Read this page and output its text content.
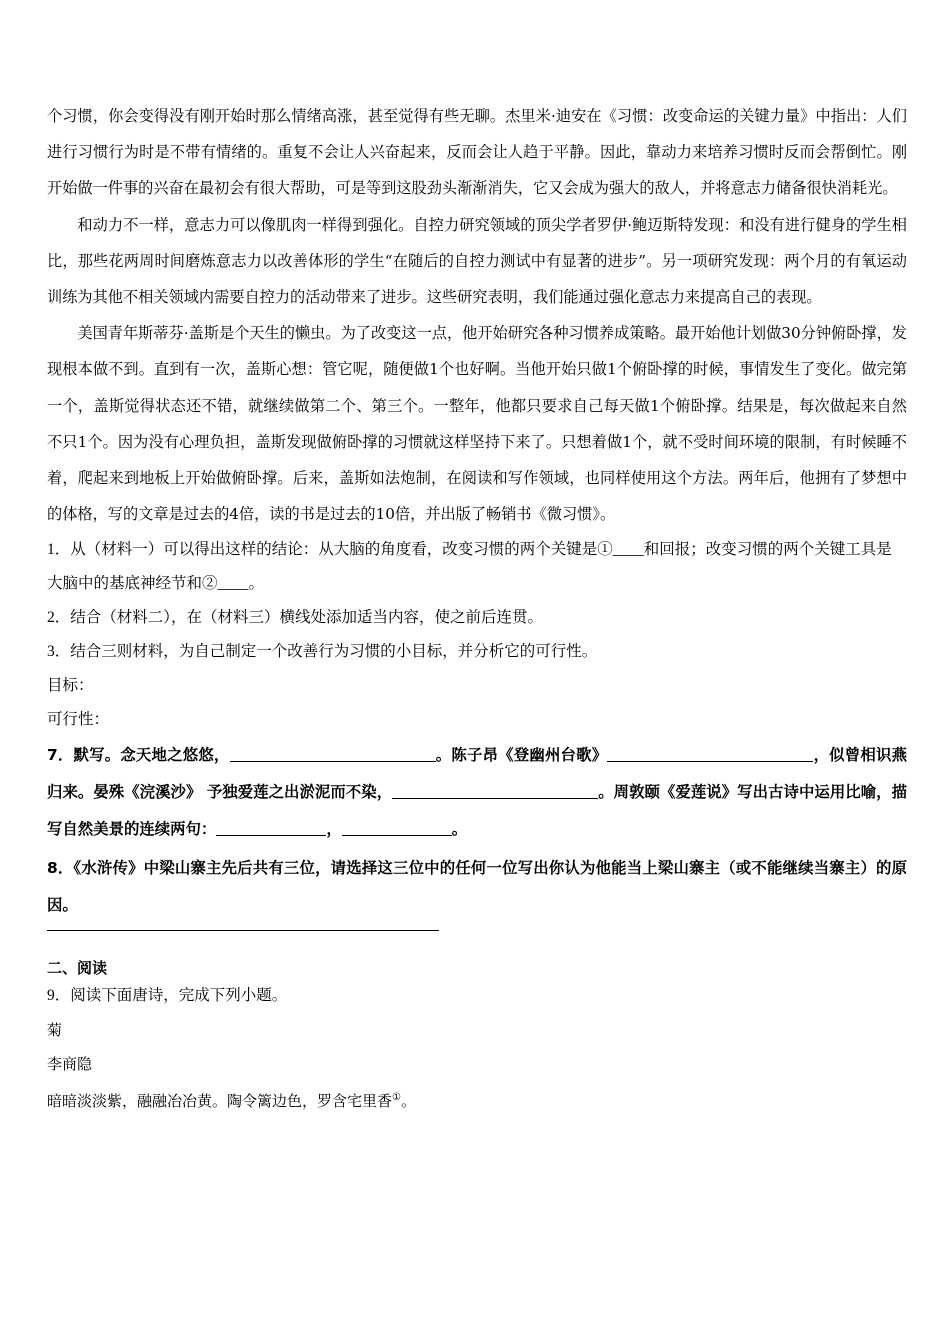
个习惯，你会变得没有刚开始时那么情绪高涨，甚至觉得有些无聊。杰里米·迪安在《习惯：改变命运的关键力量》中指出：人们进行习惯行为时是不带有情绪的。重复不会让人兴奋起来，反而会让人趋于平静。因此，靠动力来培养习惯时反而会帮倒忙。刚开始做一件事的兴奋在最初会有很大帮助，可是等到这股劲头渐渐消失，它又会成为强大的敌人，并将意志力储备很快消耗光。

和动力不一样，意志力可以像肌肉一样得到强化。自控力研究领域的顶尖学者罗伊·鲍迈斯特发现：和没有进行健身的学生相比，那些花两周时间磨炼意志力以改善体形的学生“在随后的自控力测试中有显著的进步”。另一项研究发现：两个月的有氧运动训练为其他不相关领域内需要自控力的活动带来了进步。这些研究表明，我们能通过强化意志力来提高自己的表现。

美国青年斯蒂芬·盖斯是个天生的懒虫。为了改变这一点，他开始研究各种习惯养成策略。最开始他计划做30分钟俯卧撑，发现根本做不到。直到有一次，盖斯心想：管它呢，随便做1个也好啊。当他开始只做1个俯卧撑的时候，事情发生了变化。做完第一个，盖斯觉得状态还不错，就继续做第二个、第三个。一整年，他都只要求自己每天做1个俯卧撑。结果是，每次做起来自然不只1个。因为没有心理负担，盖斯发现做俯卧撑的习惯就这样坚持下来了。只想着做1个，就不受时间环境的限制，有时候睡不着，爬起来到地板上开始做俯卧撑。后来，盖斯如法炮制，在阅读和写作领域，也同样使用这个方法。两年后，他拥有了梦想中的体格，写的文章是过去的4倍，读的书是过去的10倍，并出版了畅销书《微习惯》。

1．从（材料一）可以得出这样的结论：从大脑的角度看，改变习惯的两个关键是①____和回报；改变习惯的两个关键工具是大脑中的基底神经节和②____。

2．结合（材料二），在（材料三）横线处添加适当内容，使之前后连贯。

3．结合三则材料，为自己制定一个改善行为习惯的小目标，并分析它的可行性。

目标：

可行性：

7．默写。念天地之悠悠，	。陈子昂《登幽州台歌》	，似曾相识燕归来。晏殊《浣溪沙》 予独爱莲之出淤泥而不染，	。周敦颐《爱莲说》写出古诗中运用比喻，描写自然美景的连续两句：	，	。

8．《水浒传》中梁山寨主先后共有三位，请选择这三位中的任何一位写出你认为他能当上梁山寨主（或不能继续当寨主）的原因。

二、阅读

9．阅读下面唐诗，完成下列小题。

菊

李商隐

暗暗淡淡紫，融融冶冶黄。陶令篱边色，罗含宅里香①。
